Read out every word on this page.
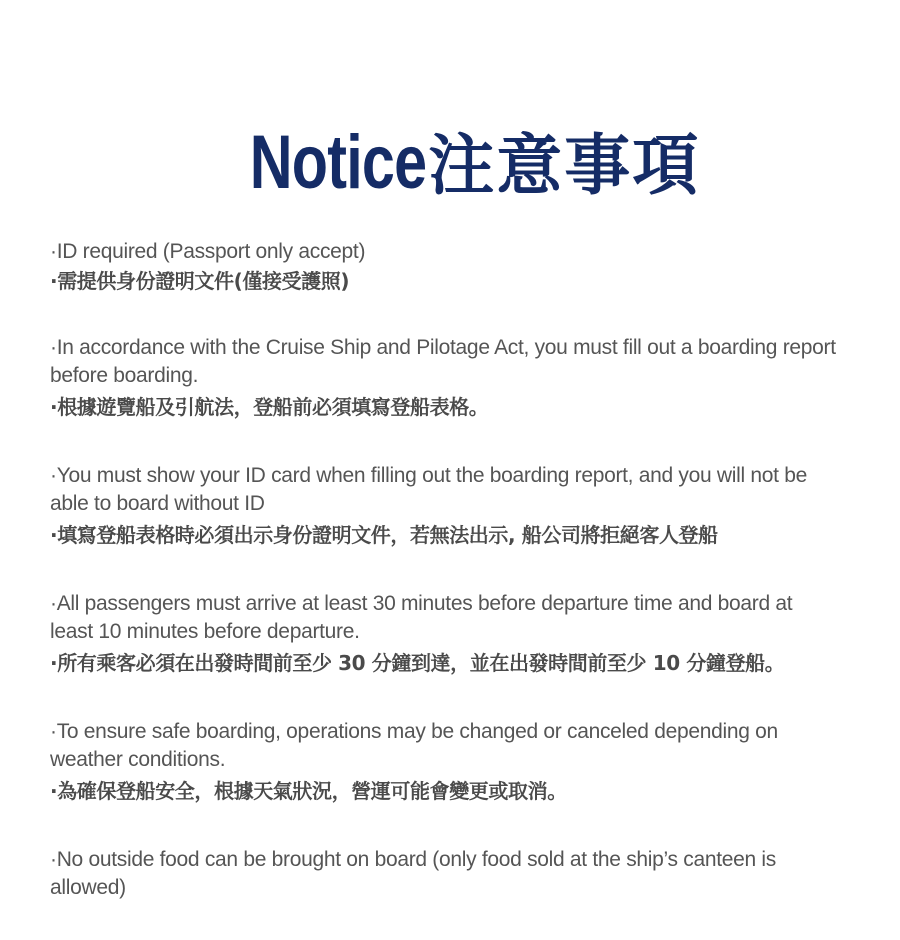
Notice 注意事項
·ID required (Passport only accept)
·需提供身份證明文件(僅接受護照)
·In accordance with the Cruise Ship and Pilotage Act, you must fill out a boarding report before boarding.
·根據遊覽船及引航法，登船前必須填寫登船表格。
·You must show your ID card when filling out the boarding report, and you will not be able to board without ID
·填寫登船表格時必須出示身份證明文件，若無法出示, 船公司將拒絕客人登船
·All passengers must arrive at least 30 minutes before departure time and board at least 10 minutes before departure.
·所有乘客必須在出發時間前至少 30 分鐘到達，並在出發時間前至少 10 分鐘登船。
·To ensure safe boarding, operations may be changed or canceled depending on weather conditions.
·為確保登船安全，根據天氣狀況，營運可能會變更或取消。
·No outside food can be brought on board (only food sold at the ship’s canteen is allowed)
